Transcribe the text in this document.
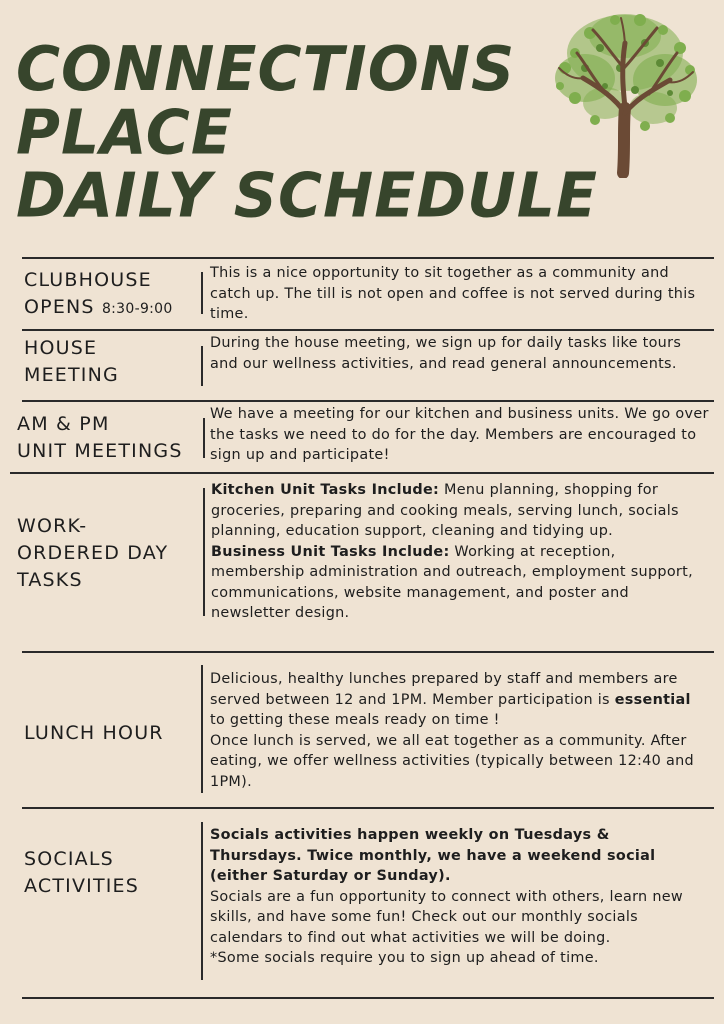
CONNECTIONS
PLACE
DAILY SCHEDULE
CLUBHOUSE
OPENS 8:30-9:00
This is a nice opportunity to sit together as a community and catch up. The till is not open and coffee is not served during this time.
HOUSE
MEETING
During the house meeting, we sign up for daily tasks like tours and our wellness activities, and read general announcements.
AM & PM
UNIT MEETINGS
We have a meeting for our kitchen and business units. We go over the tasks we need to do for the day. Members are encouraged to sign up and participate!
WORK-
ORDERED DAY
TASKS

Kitchen Unit Tasks Include: Menu planning, shopping for groceries, preparing and cooking meals, serving lunch, socials planning, education support, cleaning and tidying up.

Business Unit Tasks Include: Working at reception, membership administration and outreach, employment support, communications, website management, and poster and newsletter design.

LUNCH HOUR

Delicious, healthy lunches prepared by staff and members are served between 12 and 1PM. Member participation is essential to getting these meals ready on time !

Once lunch is served, we all eat together as a community. After eating, we offer wellness activities (typically between 12:40 and 1PM).

SOCIALS
ACTIVITIES

Socials activities happen weekly on Tuesdays & Thursdays. Twice monthly, we have a weekend social (either Saturday or Sunday).

Socials are a fun opportunity to connect with others, learn new skills, and have some fun! Check out our monthly socials calendars to find out what activities we will be doing.

*Some socials require you to sign up ahead of time.
